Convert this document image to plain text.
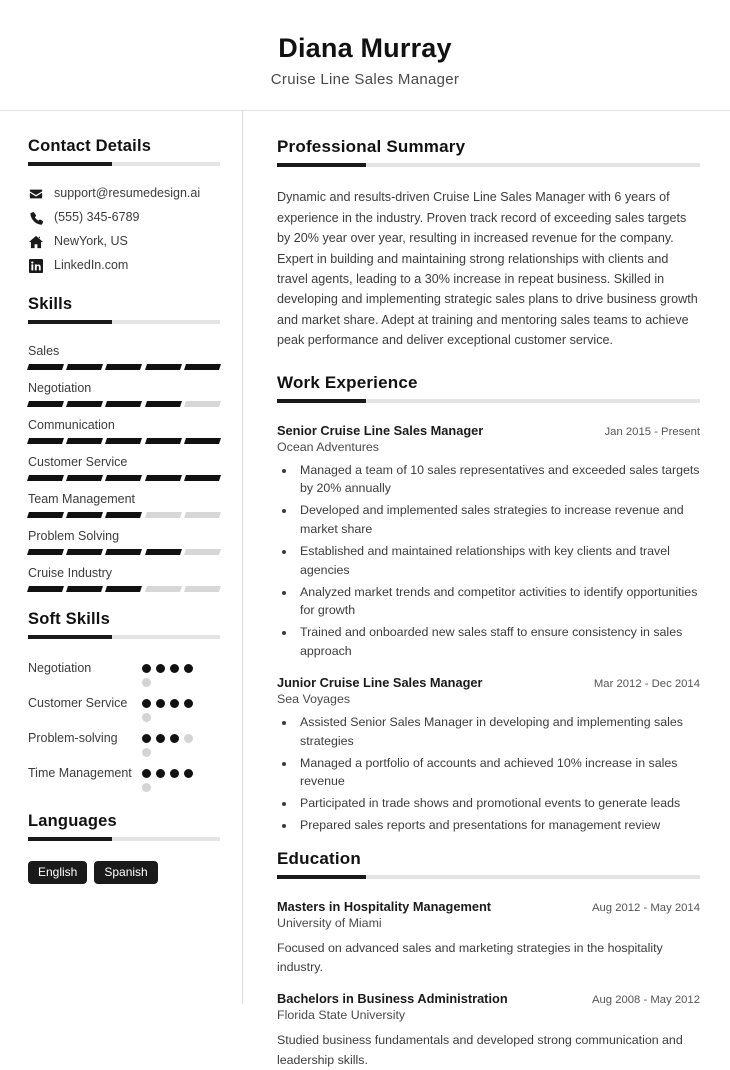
Diana Murray
Cruise Line Sales Manager
Contact Details
support@resumedesign.ai
(555) 345-6789
NewYork, US
LinkedIn.com
Skills
Sales
Negotiation
Communication
Customer Service
Team Management
Problem Solving
Cruise Industry
Soft Skills
Negotiation
Customer Service
Problem-solving
Time Management
Languages
English	Spanish
Professional Summary
Dynamic and results-driven Cruise Line Sales Manager with 6 years of experience in the industry. Proven track record of exceeding sales targets by 20% year over year, resulting in increased revenue for the company. Expert in building and maintaining strong relationships with clients and travel agents, leading to a 30% increase in repeat business. Skilled in developing and implementing strategic sales plans to drive business growth and market share. Adept at training and mentoring sales teams to achieve peak performance and deliver exceptional customer service.
Work Experience
Senior Cruise Line Sales Manager	Jan 2015 - Present
Ocean Adventures
• Managed a team of 10 sales representatives and exceeded sales targets by 20% annually
• Developed and implemented sales strategies to increase revenue and market share
• Established and maintained relationships with key clients and travel agencies
• Analyzed market trends and competitor activities to identify opportunities for growth
• Trained and onboarded new sales staff to ensure consistency in sales approach
Junior Cruise Line Sales Manager	Mar 2012 - Dec 2014
Sea Voyages
• Assisted Senior Sales Manager in developing and implementing sales strategies
• Managed a portfolio of accounts and achieved 10% increase in sales revenue
• Participated in trade shows and promotional events to generate leads
• Prepared sales reports and presentations for management review
Education
Masters in Hospitality Management	Aug 2012 - May 2014
University of Miami
Focused on advanced sales and marketing strategies in the hospitality industry.
Bachelors in Business Administration	Aug 2008 - May 2012
Florida State University
Studied business fundamentals and developed strong communication and leadership skills.
